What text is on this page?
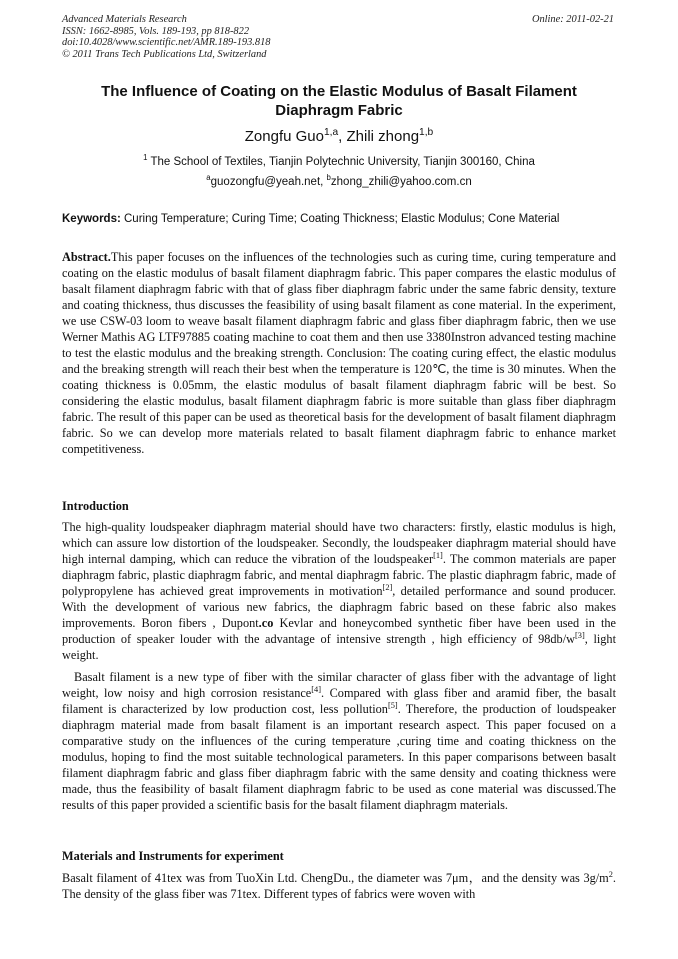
Advanced Materials Research
ISSN: 1662-8985, Vols. 189-193, pp 818-822
doi:10.4028/www.scientific.net/AMR.189-193.818
© 2011 Trans Tech Publications Ltd, Switzerland
Online: 2011-02-21
The Influence of Coating on the Elastic Modulus of Basalt Filament Diaphragm Fabric
Zongfu Guo$^{1,a}$, Zhili zhong$^{1,b}$
$^1$ The School of Textiles, Tianjin Polytechnic University, Tianjin 300160, China
$^a$guozongfu@yeah.net, $^b$zhong_zhili@yahoo.com.cn
Keywords: Curing Temperature; Curing Time; Coating Thickness; Elastic Modulus; Cone Material
Abstract.This paper focuses on the influences of the technologies such as curing time, curing temperature and coating on the elastic modulus of basalt filament diaphragm fabric. This paper compares the elastic modulus of basalt filament diaphragm fabric with that of glass fiber diaphragm fabric under the same fabric density, texture and coating thickness, thus discusses the feasibility of using basalt filament as cone material. In the experiment, we use CSW-03 loom to weave basalt filament diaphragm fabric and glass fiber diaphragm fabric, then we use Werner Mathis AG LTF97885 coating machine to coat them and then use 3380Instron advanced testing machine to test the elastic modulus and the breaking strength. Conclusion: The coating curing effect, the elastic modulus and the breaking strength will reach their best when the temperature is 120℃, the time is 30 minutes. When the coating thickness is 0.05mm, the elastic modulus of basalt filament diaphragm fabric will be best. So considering the elastic modulus, basalt filament diaphragm fabric is more suitable than glass fiber diaphragm fabric. The result of this paper can be used as theoretical basis for the development of basalt filament diaphragm fabric. So we can develop more materials related to basalt filament diaphragm fabric to enhance market competitiveness.
Introduction
The high-quality loudspeaker diaphragm material should have two characters: firstly, elastic modulus is high, which can assure low distortion of the loudspeaker. Secondly, the loudspeaker diaphragm material should have high internal damping, which can reduce the vibration of the loudspeaker[1]. The common materials are paper diaphragm fabric, plastic diaphragm fabric, and mental diaphragm fabric. The plastic diaphragm fabric, made of polypropylene has achieved great improvements in motivation[2], detailed performance and sound producer. With the development of various new fabrics, the diaphragm fabric based on these fabric also makes improvements. Boron fibers , Dupont.co Kevlar and honeycombed synthetic fiber have been used in the production of speaker louder with the advantage of intensive strength , high efficiency of 98db/w[3], light weight.
Basalt filament is a new type of fiber with the similar character of glass fiber with the advantage of light weight, low noisy and high corrosion resistance[4]. Compared with glass fiber and aramid fiber, the basalt filament is characterized by low production cost, less pollution[5]. Therefore, the production of loudspeaker diaphragm material made from basalt filament is an important research aspect. This paper focused on a comparative study on the influences of the curing temperature ,curing time and coating thickness on the modulus, hoping to find the most suitable technological parameters. In this paper comparisons between basalt filament diaphragm fabric and glass fiber diaphragm fabric with the same density and coating thickness were made, thus the feasibility of basalt filament diaphragm fabric to be used as cone material was discussed.The results of this paper provided a scientific basis for the basalt filament diaphragm materials.
Materials and Instruments for experiment
Basalt filament of 41tex was from TuoXin Ltd. ChengDu., the diameter was 7μm，and the density was $3g/m^2$. The density of the glass fiber was 71tex. Different types of fabrics were woven with
